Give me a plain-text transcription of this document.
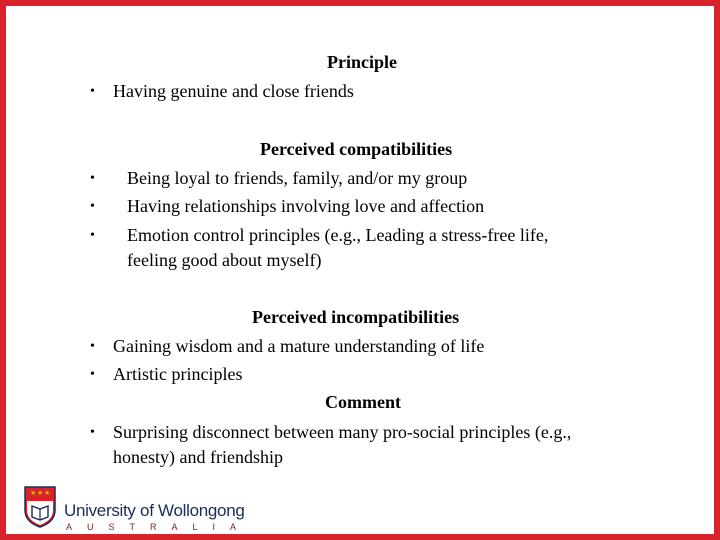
Principle
• Having genuine and close friends
Perceived compatibilities
• Being loyal to friends, family, and/or my group
• Having relationships involving love and affection
• Emotion control principles (e.g., Leading a stress-free life,
feeling good about myself)
Perceived incompatibilities
• Gaining wisdom and a mature understanding of life
• Artistic principles
Comment
• Surprising disconnect between many pro-social principles (e.g.,
honesty) and friendship
★ ★ ★
University of Wollongong
AUSTRALIA
